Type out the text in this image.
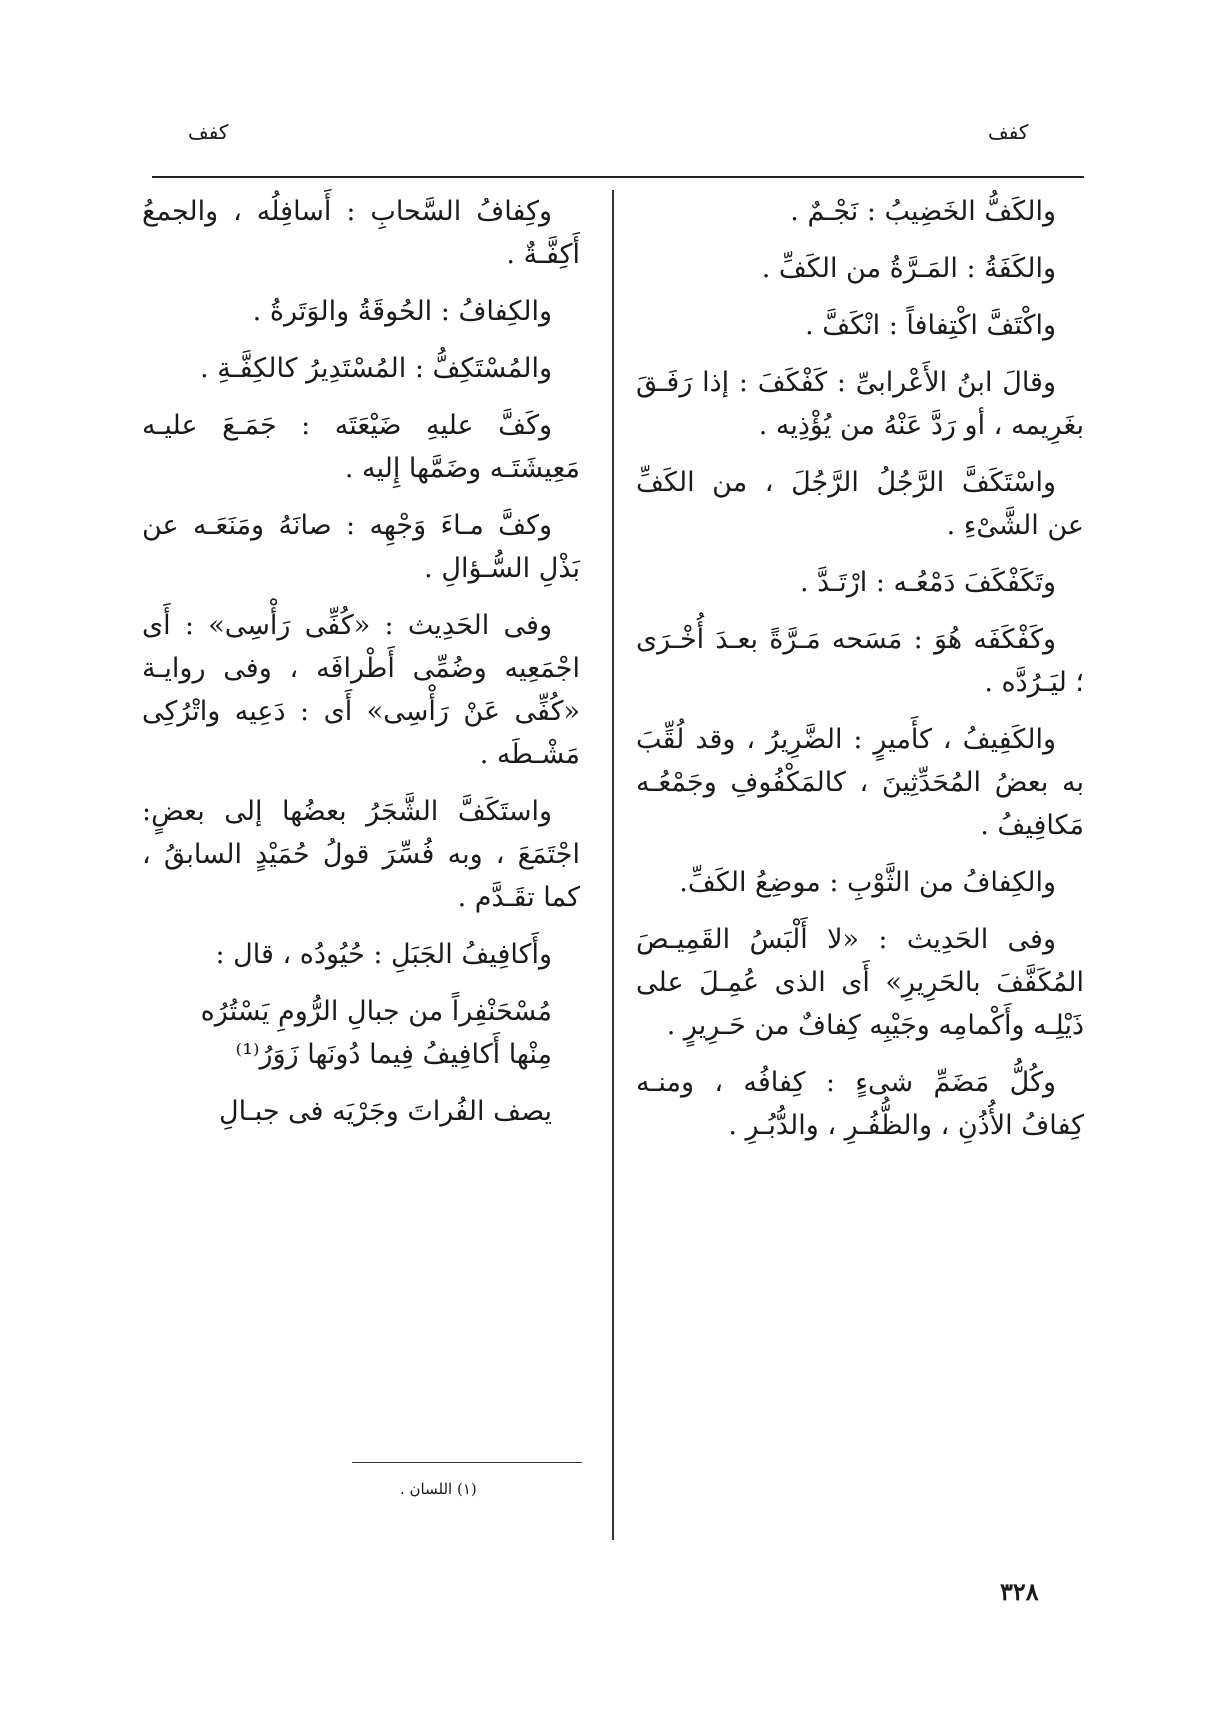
كفف	كفف

والكَفُّ الخَضِيبُ : نَجْـمٌ .

والكَفَةُ : المَـرَّةُ من الكَفِّ .

واكْتَفَّ اكْتِفافاً : انْكَفَّ .

وقالَ ابنُ الأَعْرابىِّ : كَفْكَفَ : إذا رَفَـقَ بغَرِيمه ، أو رَدَّ عَنْهُ من يُؤْذِيه .

واسْتَكَفَّ الرَّجُلُ الرَّجُلَ ، من الكَفِّ عن الشَّىْءِ .

وتَكَفْكَفَ دَمْعُـه : ارْتَـدَّ .

وكَفْكَفَه هُوَ : مَسَحه مَـرَّةً بعـدَ أُخْـرَى ؛ ليَـرُدَّه .

والكَفِيفُ ، كأَميرٍ : الضَّرِيرُ ، وقد لُقِّبَ به بعضُ المُحَدِّثِينَ ، كالمَكْفُوفِ وجَمْعُـه مَكافِيفُ .

والكِفافُ من الثَّوْبِ : موضِعُ الكَفِّ.

وفى الحَدِيث : «لا أَلْبَسُ القَمِيـصَ المُكَفَّفَ بالحَرِيرِ» أَى الذى عُمِـلَ على ذَيْلِـه وأَكْمامِه وجَيْبِه كِفافٌ من حَـرِيرٍ .

وكُلُّ مَضَمِّ شىءٍ : كِفافُه ، ومنـه كِفافُ الأُذُنِ ، والظُّفُـرِ ، والدُّبُـرِ .

وكِفافُ السَّحابِ : أَسافِلُه ، والجمعُ أَكِفَّـةٌ .

والكِفافُ : الحُوقَةُ والوَتَرةُ .

والمُسْتَكِفُّ : المُسْتَدِيرُ كالكِفَّـةِ .

وكَفَّ عليهِ ضَيْعَتَه : جَمَـعَ عليـه مَعِيشَتَـه وضَمَّها إِليه .

وكفَّ مـاءَ وَجْهِه : صانَهُ ومَنَعَـه عن بَذْلِ السُّـؤالِ .

وفى الحَدِيث : «كُفِّى رَأْسِى» : أَى اجْمَعِيه وضُمِّى أَطْرافَه ، وفى روايـة «كُفِّى عَنْ رَأْسِى» أَى : دَعِيه واتْرُكِى مَشْـطَه .

واستَكَفَّ الشَّجَرُ بعضُها إلى بعضٍ: اجْتَمَعَ ، وبه فُسِّرَ قولُ حُمَيْدٍ السابقُ ، كما تقَـدَّم .

وأَكافِيفُ الجَبَلِ : حُيُودُه ، قال :

مُسْحَنْفِراً من جبالِ الرُّومِ يَسْتُرُه

مِنْها أَكافِيفُ فِيما دُونَها زَوَرُ⁽¹⁾

يصف الفُراتَ وجَرْيَه فى جبـالِ

(١) اللسان .
٣٢٨
